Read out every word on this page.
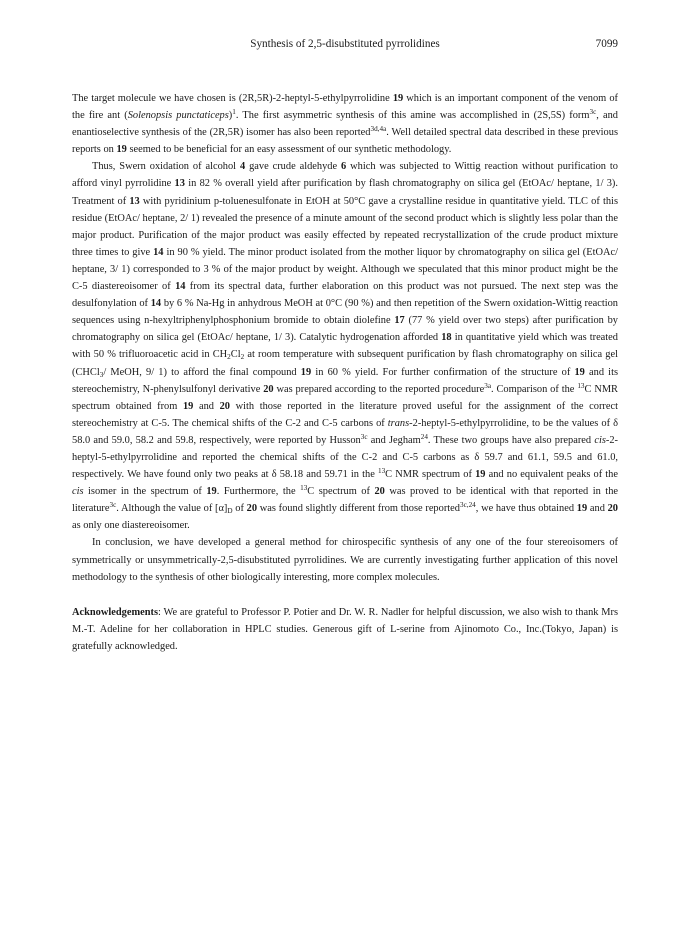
Synthesis of 2,5-disubstituted pyrrolidines	7099

The target molecule we have chosen is (2R,5R)-2-heptyl-5-ethylpyrrolidine 19 which is an important component of the venom of the fire ant (Solenopsis punctaticeps)$^1$. The first asymmetric synthesis of this amine was accomplished in (2S,5S) form$^{3c}$, and enantioselective synthesis of the (2R,5R) isomer has also been reported$^{3d,4a}$. Well detailed spectral data described in these previous reports on 19 seemed to be beneficial for an easy assessment of our synthetic methodology.

Thus, Swern oxidation of alcohol 4 gave crude aldehyde 6 which was subjected to Wittig reaction without purification to afford vinyl pyrrolidine 13 in 82 % overall yield after purification by flash chromatography on silica gel (EtOAc/ heptane, 1/ 3). Treatment of 13 with pyridinium p-toluenesulfonate in EtOH at 50°C gave a crystalline residue in quantitative yield. TLC of this residue (EtOAc/ heptane, 2/ 1) revealed the presence of a minute amount of the second product which is slightly less polar than the major product. Purification of the major product was easily effected by repeated recrystallization of the crude product mixture three times to give 14 in 90 % yield. The minor product isolated from the mother liquor by chromatography on silica gel (EtOAc/ heptane, 3/ 1) corresponded to 3 % of the major product by weight. Although we speculated that this minor product might be the C-5 diastereoisomer of 14 from its spectral data, further elaboration on this product was not pursued. The next step was the desulfonylation of 14 by 6 % Na-Hg in anhydrous MeOH at 0°C (90 %) and then repetition of the Swern oxidation-Wittig reaction sequences using n-hexyltriphenylphosphonium bromide to obtain diolefine 17 (77 % yield over two steps) after purification by chromatography on silica gel (EtOAc/ heptane, 1/ 3). Catalytic hydrogenation afforded 18 in quantitative yield which was treated with 50 % trifluoroacetic acid in $CH_2Cl_2$ at room temperature with subsequent purification by flash chromatography on silica gel (CHCl$_3$/ MeOH, 9/ 1) to afford the final compound 19 in 60 % yield. For further confirmation of the structure of 19 and its stereochemistry, N-phenylsulfonyl derivative 20 was prepared according to the reported procedure$^{3a}$. Comparison of the $^{13}$C NMR spectrum obtained from 19 and 20 with those reported in the literature proved useful for the assignment of the correct stereochemistry at C-5. The chemical shifts of the C-2 and C-5 carbons of trans-2-heptyl-5-ethylpyrrolidine, to be the values of δ 58.0 and 59.0, 58.2 and 59.8, respectively, were reported by Husson$^{3c}$ and Jegham$^{24}$. These two groups have also prepared cis-2-heptyl-5-ethylpyrrolidine and reported the chemical shifts of the C-2 and C-5 carbons as δ 59.7 and 61.1, 59.5 and 61.0, respectively. We have found only two peaks at δ 58.18 and 59.71 in the $^{13}$C NMR spectrum of 19 and no equivalent peaks of the cis isomer in the spectrum of 19. Furthermore, the $^{13}$C spectrum of 20 was proved to be identical with that reported in the literature$^{3c}$. Although the value of $[\alpha]_D$ of 20 was found slightly different from those reported$^{3c,24}$, we have thus obtained 19 and 20 as only one diastereoisomer.

In conclusion, we have developed a general method for chirospecific synthesis of any one of the four stereoisomers of symmetrically or unsymmetrically-2,5-disubstituted pyrrolidines. We are currently investigating further application of this novel methodology to the synthesis of other biologically interesting, more complex molecules.

Acknowledgements: We are grateful to Professor P. Potier and Dr. W. R. Nadler for helpful discussion, we also wish to thank Mrs M.-T. Adeline for her collaboration in HPLC studies. Generous gift of L-serine from Ajinomoto Co., Inc.(Tokyo, Japan) is gratefully acknowledged.
